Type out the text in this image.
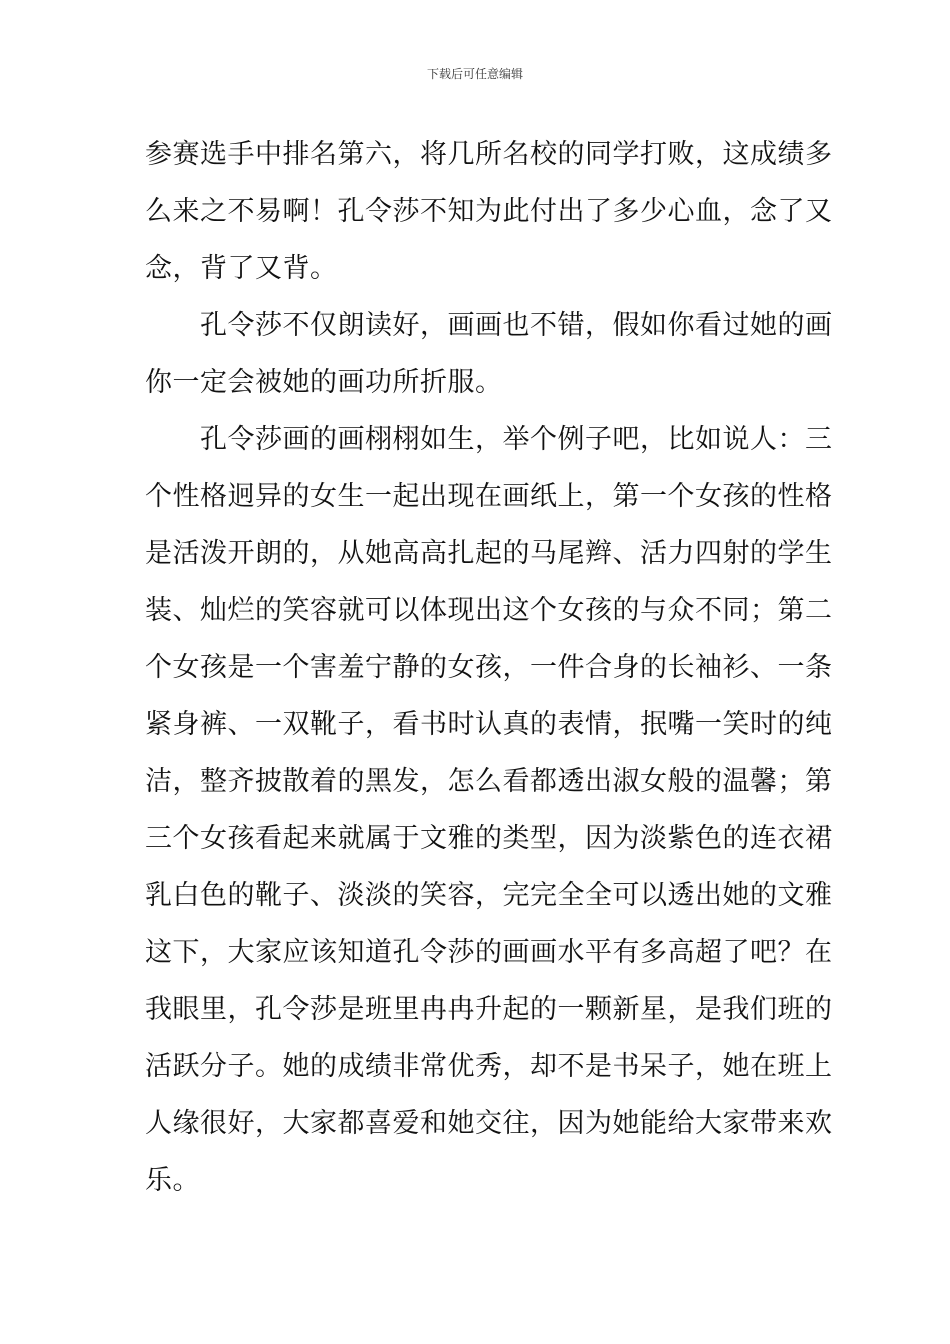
下载后可任意编辑
参赛选手中排名第六，将几所名校的同学打败，这成绩多
么来之不易啊！孔令莎不知为此付出了多少心血，念了又
念，背了又背。
　　孔令莎不仅朗读好，画画也不错，假如你看过她的画
你一定会被她的画功所折服。
　　孔令莎画的画栩栩如生，举个例子吧，比如说人：三
个性格迥异的女生一起出现在画纸上，第一个女孩的性格
是活泼开朗的，从她高高扎起的马尾辫、活力四射的学生
装、灿烂的笑容就可以体现出这个女孩的与众不同；第二
个女孩是一个害羞宁静的女孩，一件合身的长袖衫、一条
紧身裤、一双靴子，看书时认真的表情，抿嘴一笑时的纯
洁，整齐披散着的黑发，怎么看都透出淑女般的温馨；第
三个女孩看起来就属于文雅的类型，因为淡紫色的连衣裙
乳白色的靴子、淡淡的笑容，完完全全可以透出她的文雅
这下，大家应该知道孔令莎的画画水平有多高超了吧？在
我眼里，孔令莎是班里冉冉升起的一颗新星，是我们班的
活跃分子。她的成绩非常优秀，却不是书呆子，她在班上
人缘很好，大家都喜爱和她交往，因为她能给大家带来欢
乐。
